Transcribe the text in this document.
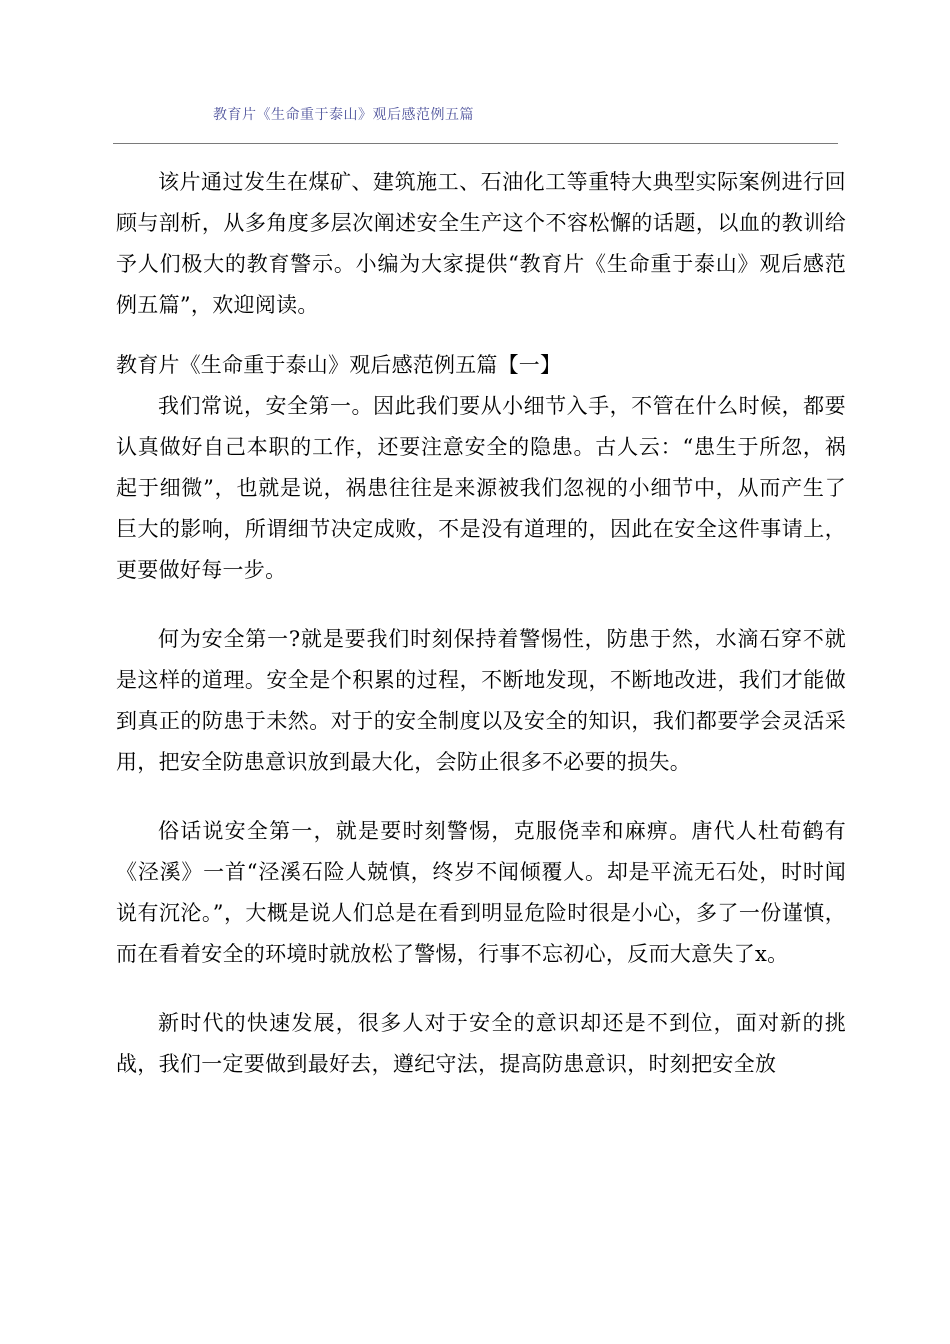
教育片《生命重于泰山》观后感范例五篇

该片通过发生在煤矿、建筑施工、石油化工等重特大典型实际案例进行回顾与剖析，从多角度多层次阐述安全生产这个不容松懈的话题，以血的教训给予人们极大的教育警示。小编为大家提供“教育片《生命重于泰山》观后感范例五篇”，欢迎阅读。

教育片《生命重于泰山》观后感范例五篇【一】

我们常说，安全第一。因此我们要从小细节入手，不管在什么时候，都要认真做好自己本职的工作，还要注意安全的隐患。古人云：“患生于所忽，祸起于细微”，也就是说，祸患往往是来源被我们忽视的小细节中，从而产生了巨大的影响，所谓细节决定成败，不是没有道理的，因此在安全这件事请上，更要做好每一步。

何为安全第一?就是要我们时刻保持着警惕性，防患于然，水滴石穿不就是这样的道理。安全是个积累的过程，不断地发现，不断地改进，我们才能做到真正的防患于未然。对于的安全制度以及安全的知识，我们都要学会灵活采用，把安全防患意识放到最大化，会防止很多不必要的损失。

俗话说安全第一，就是要时刻警惕，克服侥幸和麻痹。唐代人杜荀鹤有《泾溪》一首“泾溪石险人兢慎，终岁不闻倾覆人。却是平流无石处，时时闻说有沉沦。”，大概是说人们总是在看到明显危险时很是小心，多了一份谨慎，而在看着安全的环境时就放松了警惕，行事不忘初心，反而大意失了x。

新时代的快速发展，很多人对于安全的意识却还是不到位，面对新的挑战，我们一定要做到最好去，遵纪守法，提高防患意识，时刻把安全放
